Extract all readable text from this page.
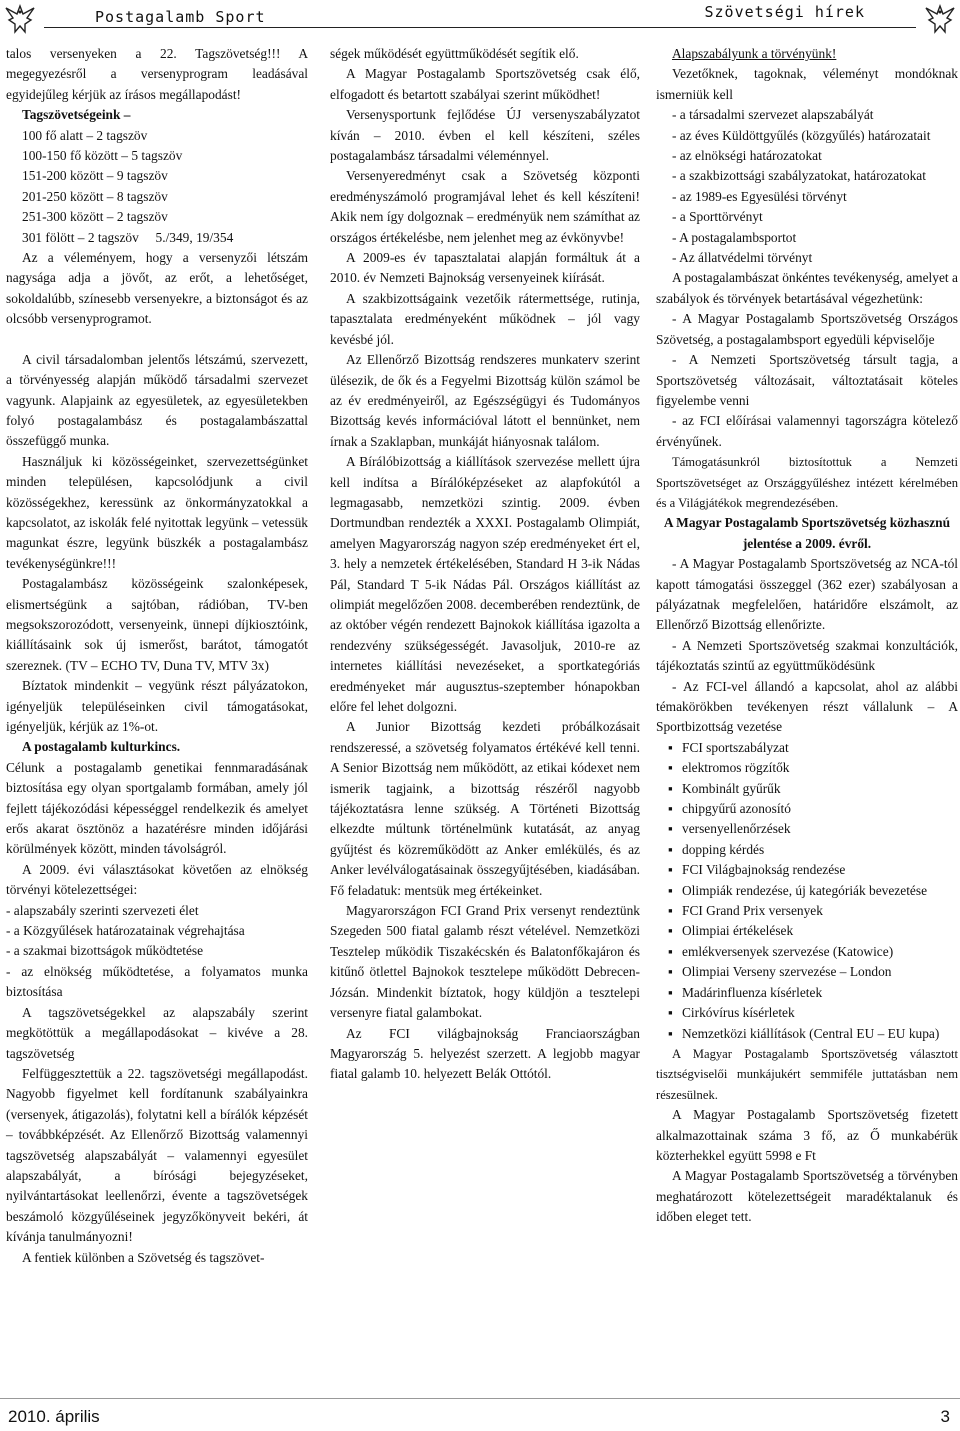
Postagalamb Sport	Szövetségi hírek

talos versenyeken a 22. Tagszövetség!!! A megegyezésről a versenyprogram leadásával egyidejűleg kérjük az írásos megállapodást!

Tagszövetségeink –

100 fő alatt – 2 tagszöv

100-150 fő között – 5 tagszöv

151-200 között – 9 tagszöv

201-250 között – 8 tagszöv

251-300 között – 2 tagszöv

301 fölött – 2 tagszöv     5./349, 19/354

Az a véleményem, hogy a versenyzői létszám nagysága adja a jövőt, az erőt, a lehetőséget, sokoldalúbb, színesebb versenyekre, a biztonságot és az olcsóbb versenyprogramot.

A civil társadalomban jelentős létszámú, szervezett, a törvényesség alapján működő társadalmi szervezet vagyunk. Alapjaink az egyesületek, az egyesületekben folyó postagalambász és postagalambászattal összefüggő munka.

Használjuk ki közösségeinket, szervezettségünket minden településen, kapcsolódjunk a civil közösségekhez, keressünk az önkormányzatokkal a kapcsolatot, az iskolák felé nyitottak legyünk – vetessük magunkat észre, legyünk büszkék a postagalambász tevékenységünkre!!!

Postagalambász közösségeink szalonképesek, elismertségünk a sajtóban, rádióban, TV-ben megsokszorozódott, versenyeink, ünnepi díjkiosztóink, kiállításaink sok új ismerőst, barátot, támogatót szereznek. (TV – ECHO TV, Duna TV, MTV 3x)

Bíztatok mindenkit – vegyünk részt pályázatokon, igényeljük településeinken civil támogatásokat, igényeljük, kérjük az 1%-ot.

A postagalamb kulturkincs.

Célunk a postagalamb genetikai fennmaradásának biztosítása egy olyan sportgalamb formában, amely jól fejlett tájékozódási képességgel rendelkezik és amelyet erős akarat ösztönöz a hazatérésre minden időjárási körülmények között, minden távolságról.

A 2009. évi választásokat követően az elnökség törvényi kötelezettségei:

- alapszabály szerinti szervezeti élet

- a Közgyűlések határozatainak végrehajtása

- a szakmai bizottságok működtetése

- az elnökség működtetése, a folyamatos munka biztosítása

A tagszövetségekkel az alapszabály szerint megkötöttük a megállapodásokat – kivéve a 28. tagszövetség

Felfüggesztettük a 22. tagszövetségi megállapodást. Nagyobb figyelmet kell fordítanunk szabályainkra (versenyek, átigazolás), folytatni kell a bírálók képzését – továbbképzését. Az Ellenőrző Bizottság valamennyi tagszövetség alapszabályát – valamennyi egyesület alapszabályát, a bírósági bejegyzéseket, nyilvántartásokat leellenőrzi, évente a tagszövetségek beszámoló közgyűléseinek jegyzőkönyveit bekéri, át kívánja tanulmányozni!

A fentiek különben a Szövetség és tagszövet-

ségek működését együttműködését segítik elő.

A Magyar Postagalamb Sportszövetség csak élő, elfogadott és betartott szabályai szerint működhet!

Versenysportunk fejlődése ÚJ versenyszabályzatot kíván – 2010. évben el kell készíteni, széles postagalambász társadalmi véleménnyel.

Versenyeredményt csak a Szövetség központi eredményszámoló programjával lehet és kell készíteni! Akik nem így dolgoznak – eredményük nem számíthat az országos értékelésbe, nem jelenhet meg az évkönyvbe!

A 2009-es év tapasztalatai alapján formáltuk át a 2010. év Nemzeti Bajnokság versenyeinek kiírását.

A szakbizottságaink vezetőik rátermettsége, rutinja, tapasztalata eredményeként működnek – jól vagy kevésbé jól.

Az Ellenőrző Bizottság rendszeres munkaterv szerint ülésezik, de ők és a Fegyelmi Bizottság külön számol be az év eredményeiről, az Egészségügyi és Tudományos Bizottság kevés információval látott el bennünket, nem írnak a Szaklapban, munkáját hiányosnak találom.

A Bírálóbizottság a kiállítások szervezése mellett újra kell indítsa a Bírálóképzéseket az alapfokútól a legmagasabb, nemzetközi szintig. 2009. évben Dortmundban rendezték a XXXI. Postagalamb Olimpiát, amelyen Magyarország nagyon szép eredményeket ért el, 3. hely a nemzetek értékelésében, Standard H 3-ik Nádas Pál, Standard T 5-ik Nádas Pál. Országos kiállítást az olimpiát megelőzően 2008. decemberében rendeztünk, de az október végén rendezett Bajnokok kiállítása igazolta a rendezvény szükségességét. Javasoljuk, 2010-re az internetes kiállítási nevezéseket, a sportkategóriás eredményeket már augusztus-szeptember hónapokban előre fel lehet dolgozni.

A Junior Bizottság kezdeti próbálkozásait rendszeressé, a szövetség folyamatos értékévé kell tenni. A Senior Bizottság nem működött, az etikai kódexet nem ismerik tagjaink, a bizottság részéről nagyobb tájékoztatásra lenne szükség. A Történeti Bizottság elkezdte múltunk történelmünk kutatását, az anyag gyűjtést és közreműködött az Anker emlékülés, és az Anker levélválogatásainak összegyűjtésében, kiadásában. Fő feladatuk: mentsük meg értékeinket.

Magyarországon FCI Grand Prix versenyt rendeztünk Szegeden 500 fiatal galamb részt vételével. Nemzetközi Tesztelep működik Tiszakécskén és Balatonfőkajáron és kitűnő ötlettel Bajnokok tesztelepe működött Debrecen-Józsán. Mindenkit bíztatok, hogy küldjön a tesztelepi versenyre fiatal galambokat.

Az FCI világbajnokság Franciaországban Magyarország 5. helyezést szerzett. A legjobb magyar fiatal galamb 10. helyezett Belák Ottótól.

Alapszabályunk a törvényünk!

Vezetőknek, tagoknak, véleményt mondóknak ismerniük kell

- a társadalmi szervezet alapszabályát

- az éves Küldöttgyűlés (közgyűlés) határozatait

- az elnökségi határozatokat

- a szakbizottsági szabályzatokat, határozatokat

- az 1989-es Egyesülési törvényt

- a Sporttörvényt

- A postagalambsportot

- Az állatvédelmi törvényt

A postagalambászat önkéntes tevékenység, amelyet a szabályok és törvények betartásával végezhetünk:

- A Magyar Postagalamb Sportszövetség Országos Szövetség, a postagalambsport egyedüli képviselője

- A Nemzeti Sportszövetség társult tagja, a Sportszövetség változásait, változtatásait köteles figyelembe venni

- az FCI előírásai valamennyi tagországra kötelező érvényűnek.

Támogatásunkról biztosítottuk a Nemzeti Sportszövetséget az Országgyűléshez intézett kérelmében és a Világjátékok megrendezésében.

A Magyar Postagalamb Sportszövetség közhasznú jelentése a 2009. évről.

- A Magyar Postagalamb Sportszövetség az NCA-tól kapott támogatási összeggel (362 ezer) szabályosan a pályázatnak megfelelően, határidőre elszámolt, az Ellenőrző Bizottság ellenőrizte.

- A Nemzeti Sportszövetség szakmai konzultációk, tájékoztatás szintű az együttműködésünk

- Az FCI-vel állandó a kapcsolat, ahol az alábbi témakörökben tevékenyen részt vállalunk – A Sportbizottság vezetése

▪ FCI sportszabályzat
▪ elektromos rögzítők
▪ Kombinált gyűrűk
▪ chipgyűrű azonosító
▪ versenyellenőrzések
▪ dopping kérdés
▪ FCI Világbajnokság rendezése
▪ Olimpiák rendezése, új kategóriák bevezetése
▪ FCI Grand Prix versenyek
▪ Olimpiai értékelések
▪ emlékversenyek szervezése (Katowice)
▪ Olimpiai Verseny szervezése – London
▪ Madárinfluenza kísérletek
▪ Cirkóvírus kísérletek
▪ Nemzetközi kiállítások (Central EU – EU kupa)

A Magyar Postagalamb Sportszövetség választott tisztségviselői munkájukért semmiféle juttatásban nem részesülnek.

A Magyar Postagalamb Sportszövetség fizetett alkalmazottainak száma 3 fő, az Ő munkabérük közterhekkel együtt 5998 e Ft

A Magyar Postagalamb Sportszövetség a törvényben meghatározott kötelezettségeit maradéktalanuk és időben eleget tett.

2010. április	3
